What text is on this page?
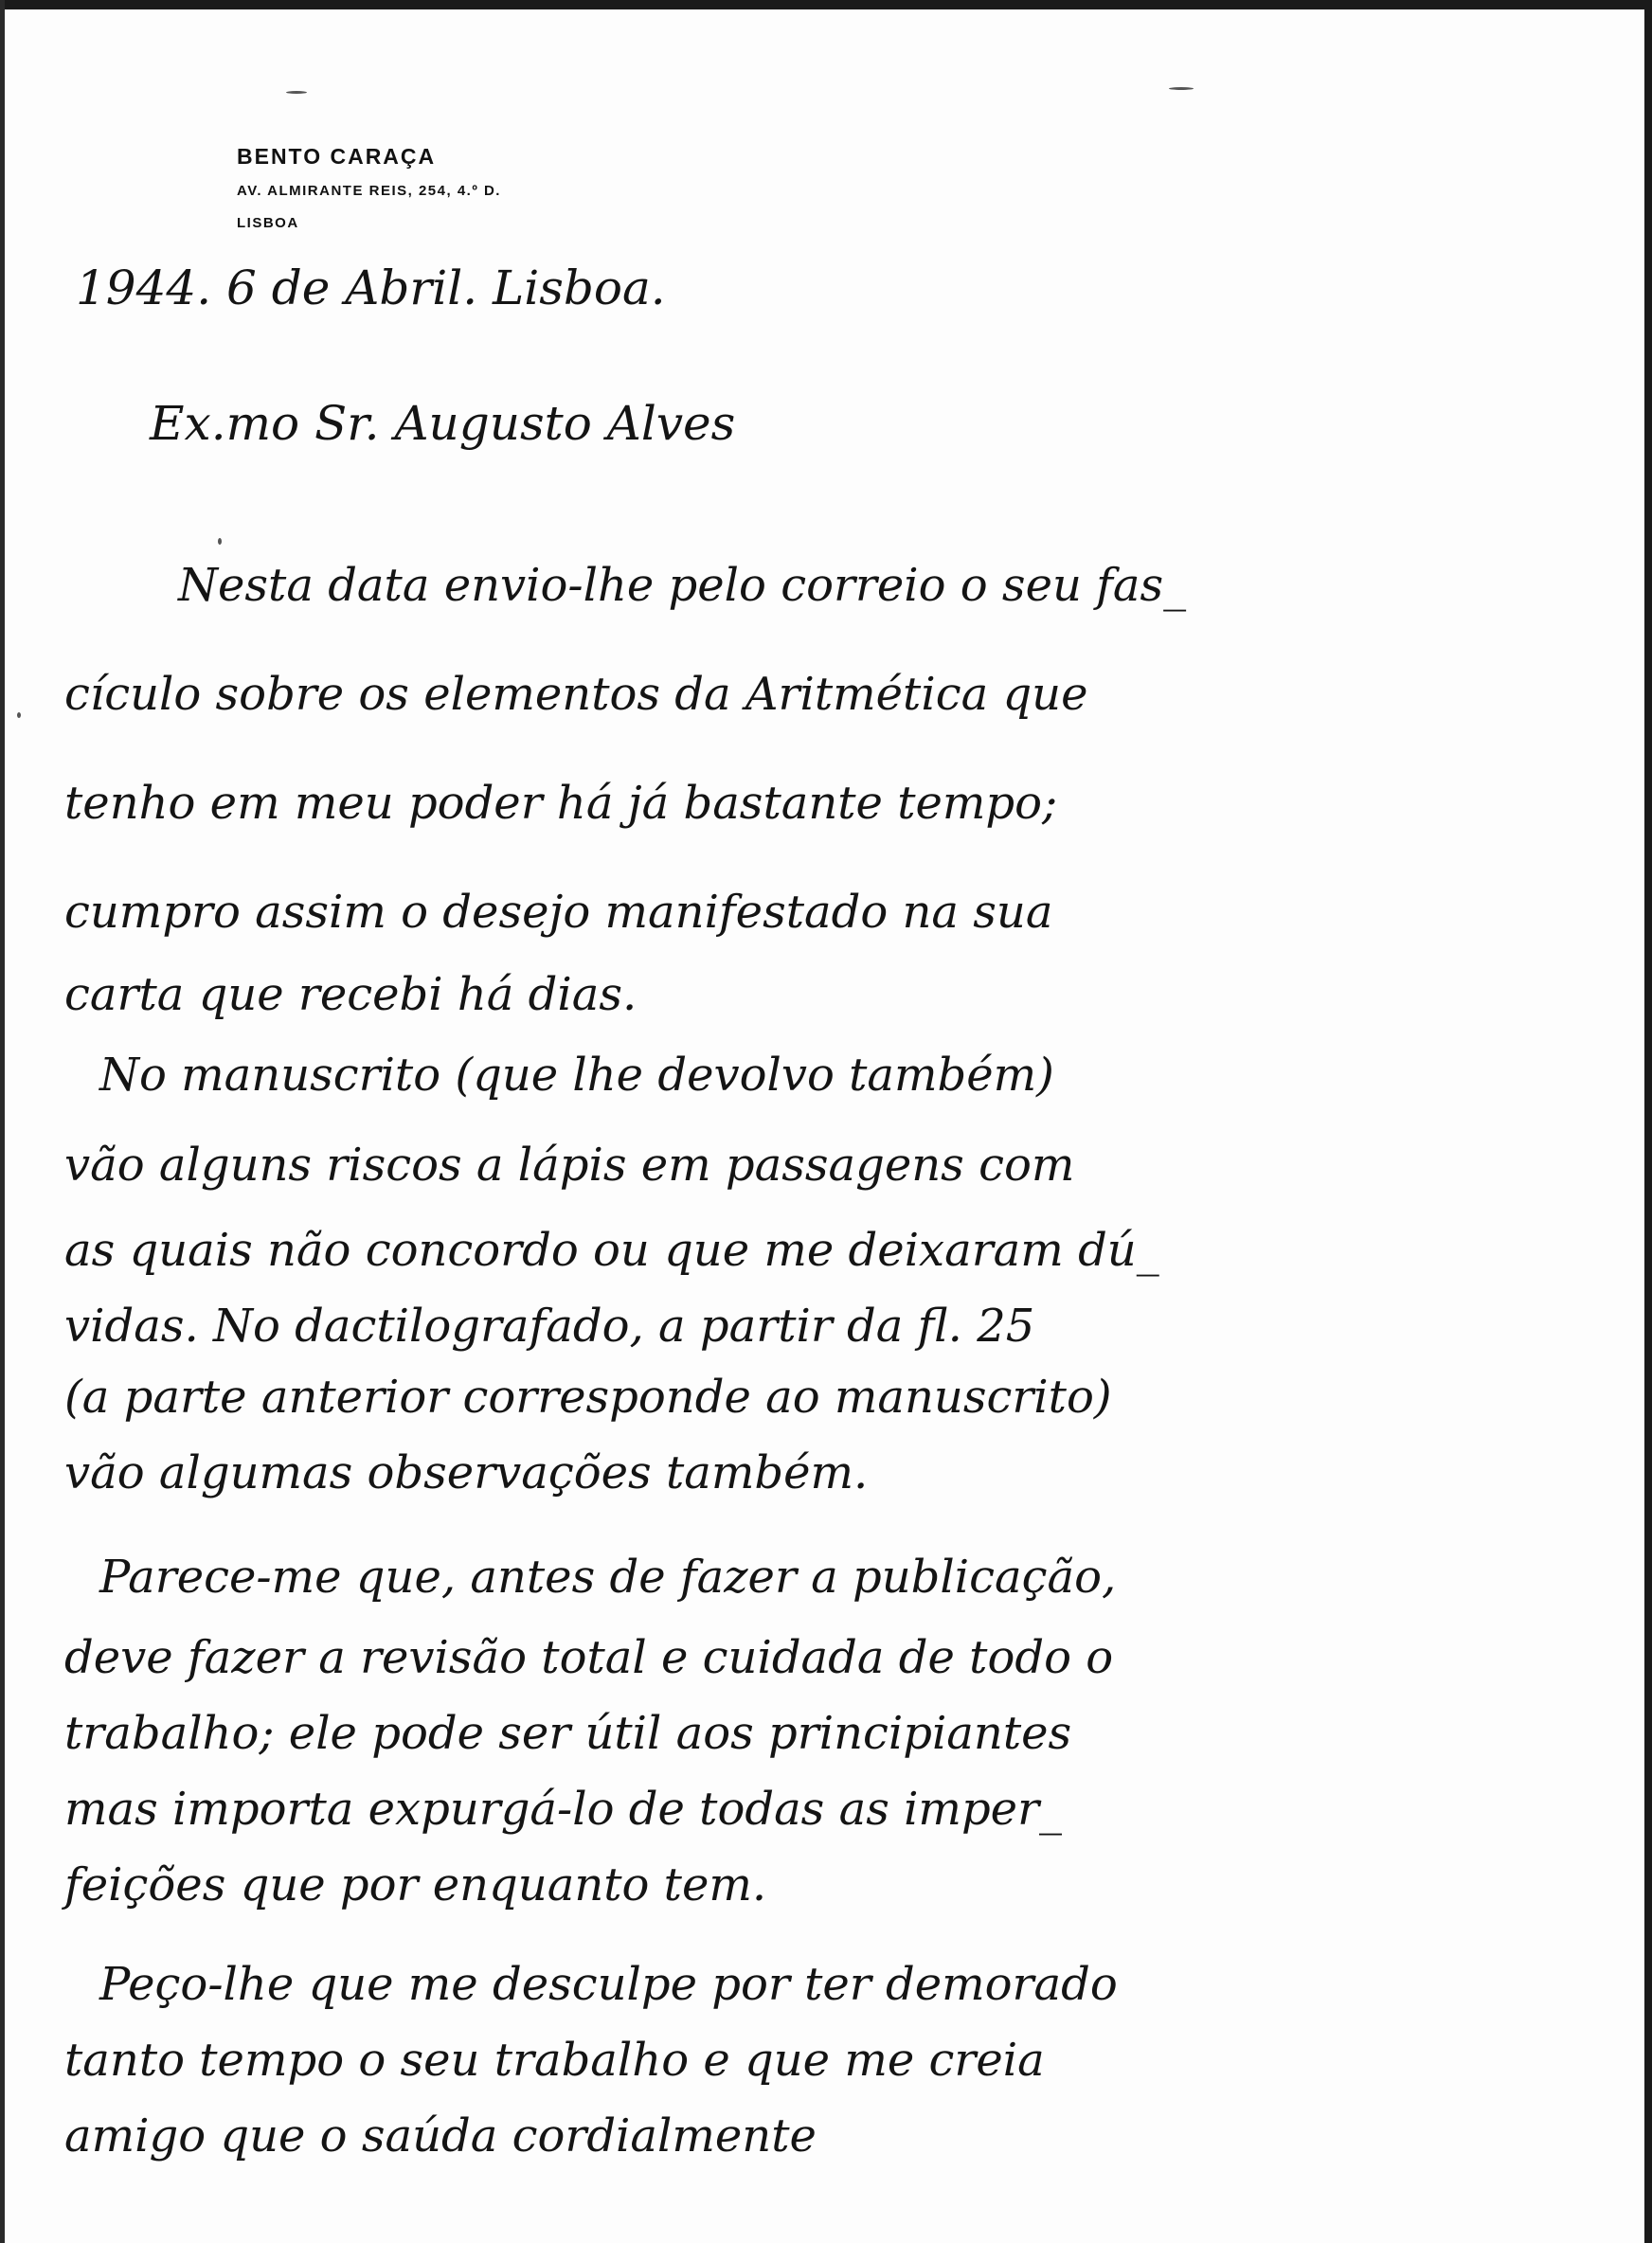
BENTO CARAÇA
AV. ALMIRANTE REIS, 254, 4.º D.
LISBOA
1944. 6 de Abril. Lisboa.
Ex.mo Sr. Augusto Alves
Nesta data envio-lhe pelo correio o seu fas_
cículo sobre os elementos da Aritmética que
tenho em meu poder há já bastante tempo;
cumpro assim o desejo manifestado na sua
carta que recebi há dias.
No manuscrito (que lhe devolvo também)
vão alguns riscos a lápis em passagens com
as quais não concordo ou que me deixaram dú_
vidas. No dactilografado, a partir da fl. 25
(a parte anterior corresponde ao manuscrito)
vão algumas observações também.
Parece-me que, antes de fazer a publicação,
deve fazer a revisão total e cuidada de todo o
trabalho; ele pode ser útil aos principiantes
mas importa expurgá-lo de todas as imper_
feições que por enquanto tem.
Peço-lhe que me desculpe por ter demorado
tanto tempo o seu trabalho e que me creia
amigo que o saúda cordialmente
